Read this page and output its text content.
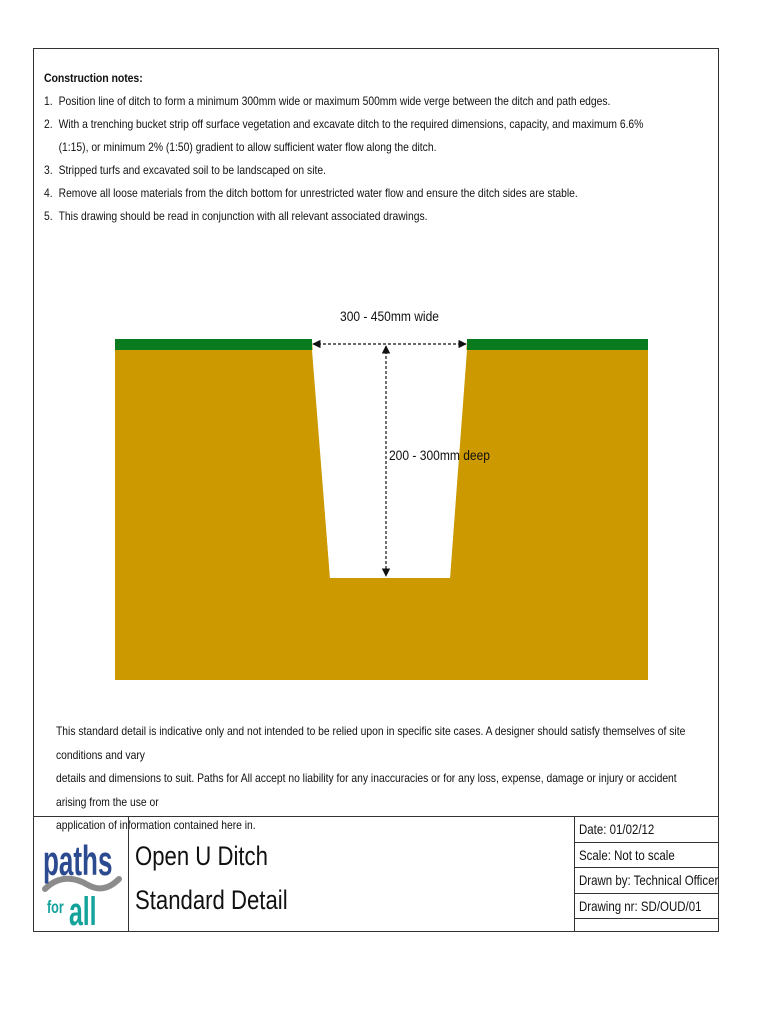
Construction notes:
1. Position line of ditch to form a minimum 300mm wide or maximum 500mm wide verge between the ditch and path edges.
2. With a trenching bucket strip off surface vegetation and excavate ditch to the required dimensions, capacity, and maximum 6.6%
(1:15), or minimum 2% (1:50) gradient to allow sufficient water flow along the ditch.
3. Stripped turfs and excavated soil to be landscaped on site.
4. Remove all loose materials from the ditch bottom for unrestricted water flow and ensure the ditch sides are stable.
5. This drawing should be read in conjunction with all relevant associated drawings.
300 - 450mm wide
200 - 300mm deep

This standard detail is indicative only and not intended to be relied upon in specific site cases. A designer should satisfy themselves of site conditions and vary

details and dimensions to suit. Paths for All accept no liability for any inaccuracies or for any loss, expense, damage or injury or accident arising from the use or

application of information contained here in.

paths
for all
Open U Ditch
Standard Detail
Date: 01/02/12
Scale: Not to scale
Drawn by: Technical Officer
Drawing nr: SD/OUD/01
